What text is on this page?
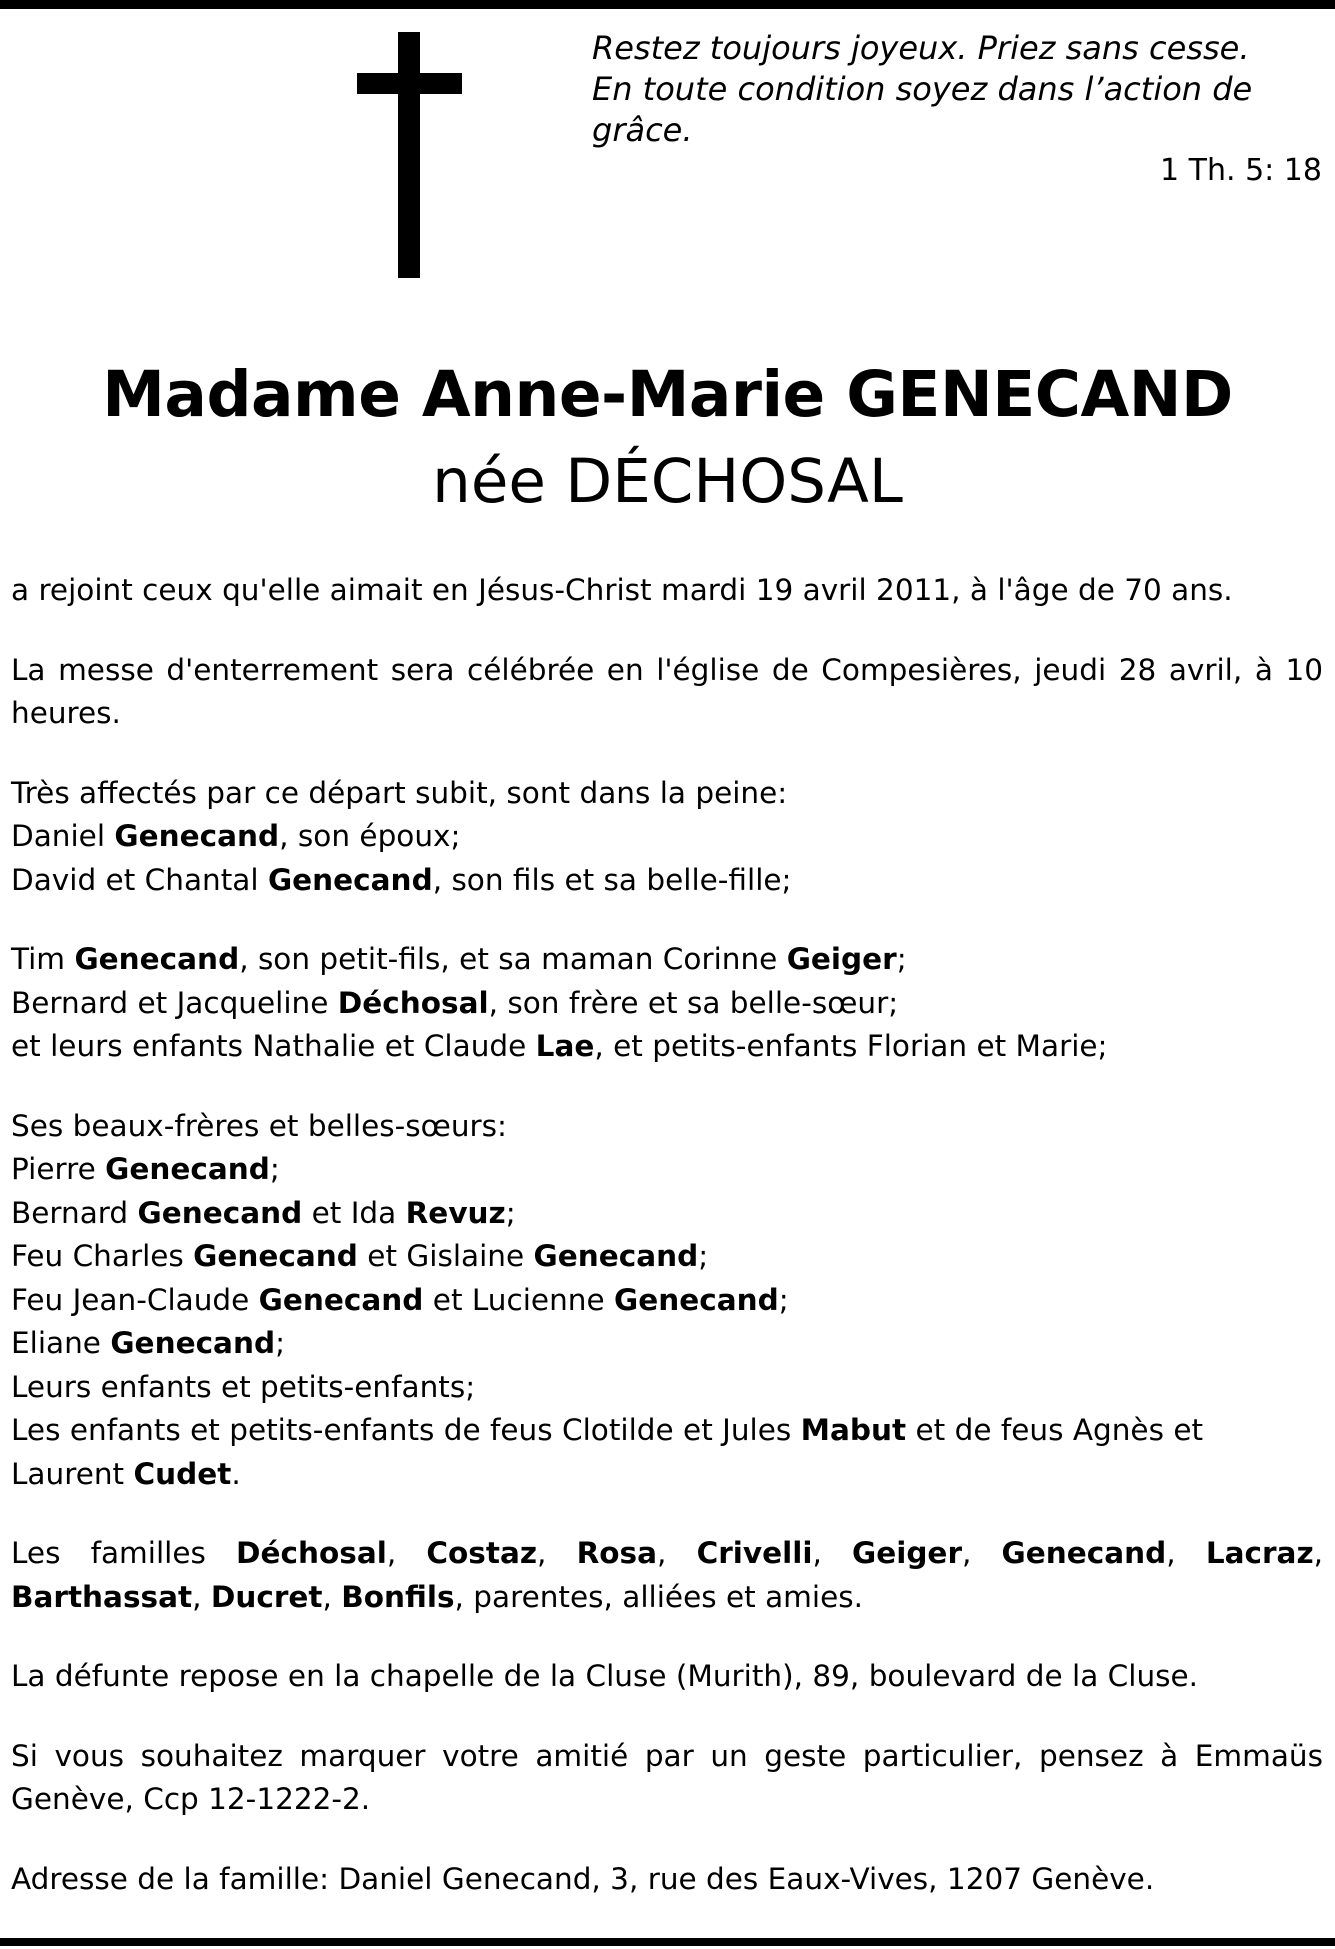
Restez toujours joyeux. Priez sans cesse.
En toute condition soyez dans l’action de grâce.
1 Th. 5: 18
Madame Anne-Marie GENECAND
née DÉCHOSAL

a rejoint ceux qu'elle aimait en Jésus-Christ mardi 19 avril 2011, à l'âge de 70 ans.

La messe d'enterrement sera célébrée en l'église de Compesières, jeudi 28 avril, à 10 heures.

Très affectés par ce départ subit, sont dans la peine:

Daniel Genecand, son époux;

David et Chantal Genecand, son fils et sa belle-fille;

Tim Genecand, son petit-fils, et sa maman Corinne Geiger;

Bernard et Jacqueline Déchosal, son frère et sa belle-sœur;

et leurs enfants Nathalie et Claude Lae, et petits-enfants Florian et Marie;

Ses beaux-frères et belles-sœurs:

Pierre Genecand;

Bernard Genecand et Ida Revuz;

Feu Charles Genecand et Gislaine Genecand;

Feu Jean-Claude Genecand et Lucienne Genecand;

Eliane Genecand;

Leurs enfants et petits-enfants;

Les enfants et petits-enfants de feus Clotilde et Jules Mabut et de feus Agnès et Laurent Cudet.

Les familles Déchosal, Costaz, Rosa, Crivelli, Geiger, Genecand, Lacraz, Barthassat, Ducret, Bonfils, parentes, alliées et amies.

La défunte repose en la chapelle de la Cluse (Murith), 89, boulevard de la Cluse.

Si vous souhaitez marquer votre amitié par un geste particulier, pensez à Emmaüs Genève, Ccp 12-1222-2.

Adresse de la famille: Daniel Genecand, 3, rue des Eaux-Vives, 1207 Genève.
